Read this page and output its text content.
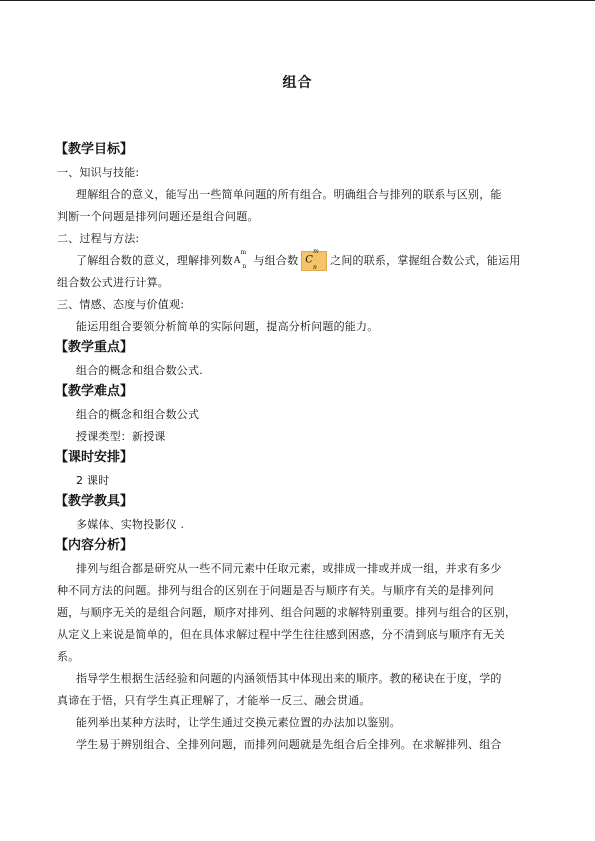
组合
【教学目标】
一、知识与技能:
理解组合的意义，能写出一些简单问题的所有组合。明确组合与排列的联系与区别，能
判断一个问题是排列问题还是组合问题。
二、过程与方法:
了解组合数的意义，理解排列数$A^m_n$ 与组合数 $C^m_n$之间的联系，掌握组合数公式，能运用
组合数公式进行计算。
三、情感、态度与价值观:
能运用组合要领分析简单的实际问题，提高分析问题的能力。
【教学重点】
组合的概念和组合数公式.
【教学难点】
组合的概念和组合数公式
授课类型：新授课
【课时安排】
2 课时
【教学教具】
多媒体、实物投影仪 .
【内容分析】
排列与组合都是研究从一些不同元素中任取元素，或排成一排或并成一组，并求有多少
种不同方法的问题。排列与组合的区别在于问题是否与顺序有关。与顺序有关的是排列问
题，与顺序无关的是组合问题，顺序对排列、组合问题的求解特别重要。排列与组合的区别，
从定义上来说是简单的，但在具体求解过程中学生往往感到困惑，分不清到底与顺序有无关
系。
指导学生根据生活经验和问题的内涵领悟其中体现出来的顺序。教的秘诀在于度，学的
真谛在于悟，只有学生真正理解了，才能举一反三、融会贯通。
能列举出某种方法时，让学生通过交换元素位置的办法加以鉴别。
学生易于辨别组合、全排列问题，而排列问题就是先组合后全排列。在求解排列、组合
